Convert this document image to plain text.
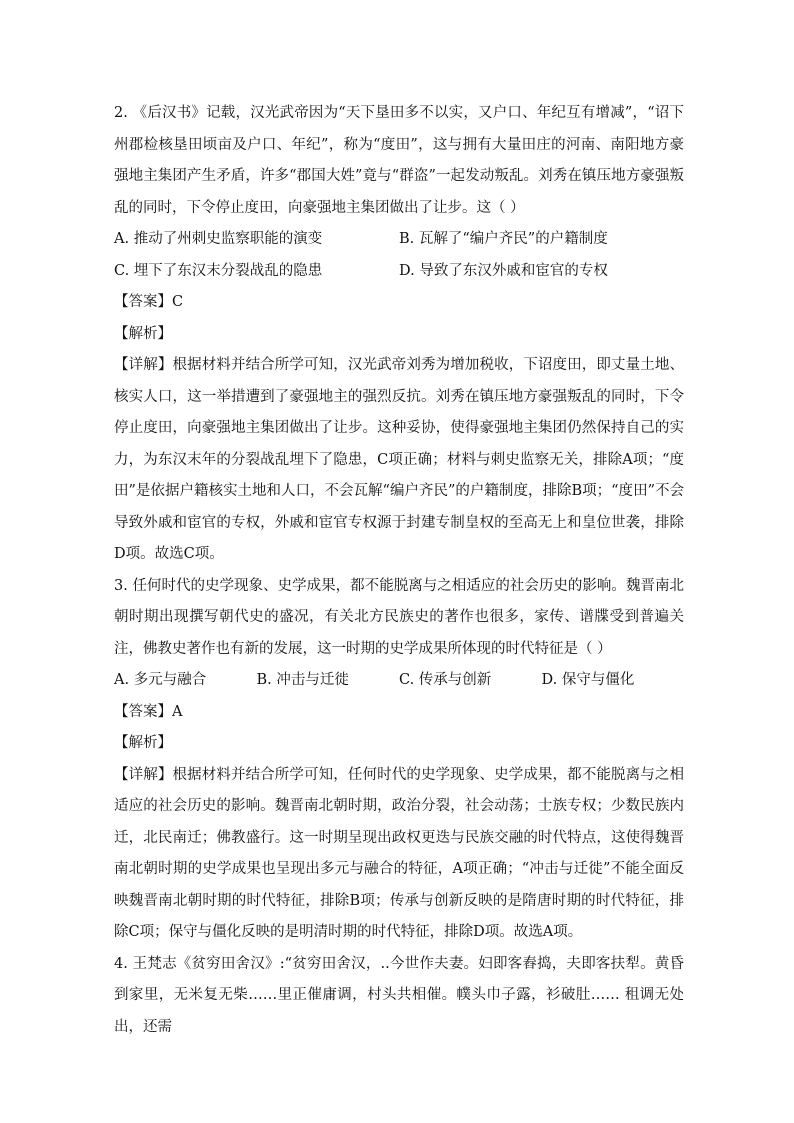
2. 《后汉书》记载，汉光武帝因为“天下垦田多不以实，又户口、年纪互有增减”，“诏下州郡检核垦田顷亩及户口、年纪”，称为“度田”，这与拥有大量田庄的河南、南阳地方豪强地主集团产生矛盾，许多“郡国大姓”竟与“群盗”一起发动叛乱。刘秀在镇压地方豪强叛乱的同时，下令停止度田，向豪强地主集团做出了让步。这（ ）

A. 推动了州刺史监察职能的演变	B. 瓦解了“编户齐民”的户籍制度
C. 埋下了东汉末分裂战乱的隐患	D. 导致了东汉外戚和宦官的专权

【答案】C

【解析】

【详解】根据材料并结合所学可知，汉光武帝刘秀为增加税收，下诏度田，即丈量土地、核实人口，这一举措遭到了豪强地主的强烈反抗。刘秀在镇压地方豪强叛乱的同时，下令停止度田，向豪强地主集团做出了让步。这种妥协，使得豪强地主集团仍然保持自己的实力，为东汉末年的分裂战乱埋下了隐患，C项正确；材料与刺史监察无关，排除A项；“度田”是依据户籍核实土地和人口，不会瓦解“编户齐民”的户籍制度，排除B项；“度田”不会导致外戚和宦官的专权，外戚和宦官专权源于封建专制皇权的至高无上和皇位世袭，排除D项。故选C项。

3. 任何时代的史学现象、史学成果，都不能脱离与之相适应的社会历史的影响。魏晋南北朝时期出现撰写朝代史的盛况，有关北方民族史的著作也很多，家传、谱牒受到普遍关注，佛教史著作也有新的发展，这一时期的史学成果所体现的时代特征是（ ）

A. 多元与融合	B. 冲击与迁徙	C. 传承与创新	D. 保守与僵化

【答案】A

【解析】

【详解】根据材料并结合所学可知，任何时代的史学现象、史学成果，都不能脱离与之相适应的社会历史的影响。魏晋南北朝时期，政治分裂，社会动荡；士族专权；少数民族内迁，北民南迁；佛教盛行。这一时期呈现出政权更迭与民族交融的时代特点，这使得魏晋南北朝时期的史学成果也呈现出多元与融合的特征，A项正确；“冲击与迁徙”不能全面反映魏晋南北朝时期的时代特征，排除B项；传承与创新反映的是隋唐时期的时代特征，排除C项；保守与僵化反映的是明清时期的时代特征，排除D项。故选A项。

4. 王梵志《贫穷田舍汉》:“贫穷田舍汉，..今世作夫妻。妇即客舂捣，夫即客扶犁。黄昏到家里，无米复无柴……里正催庸调，村头共相催。幞头巾子露，衫破肚…… 租调无处出，还需
